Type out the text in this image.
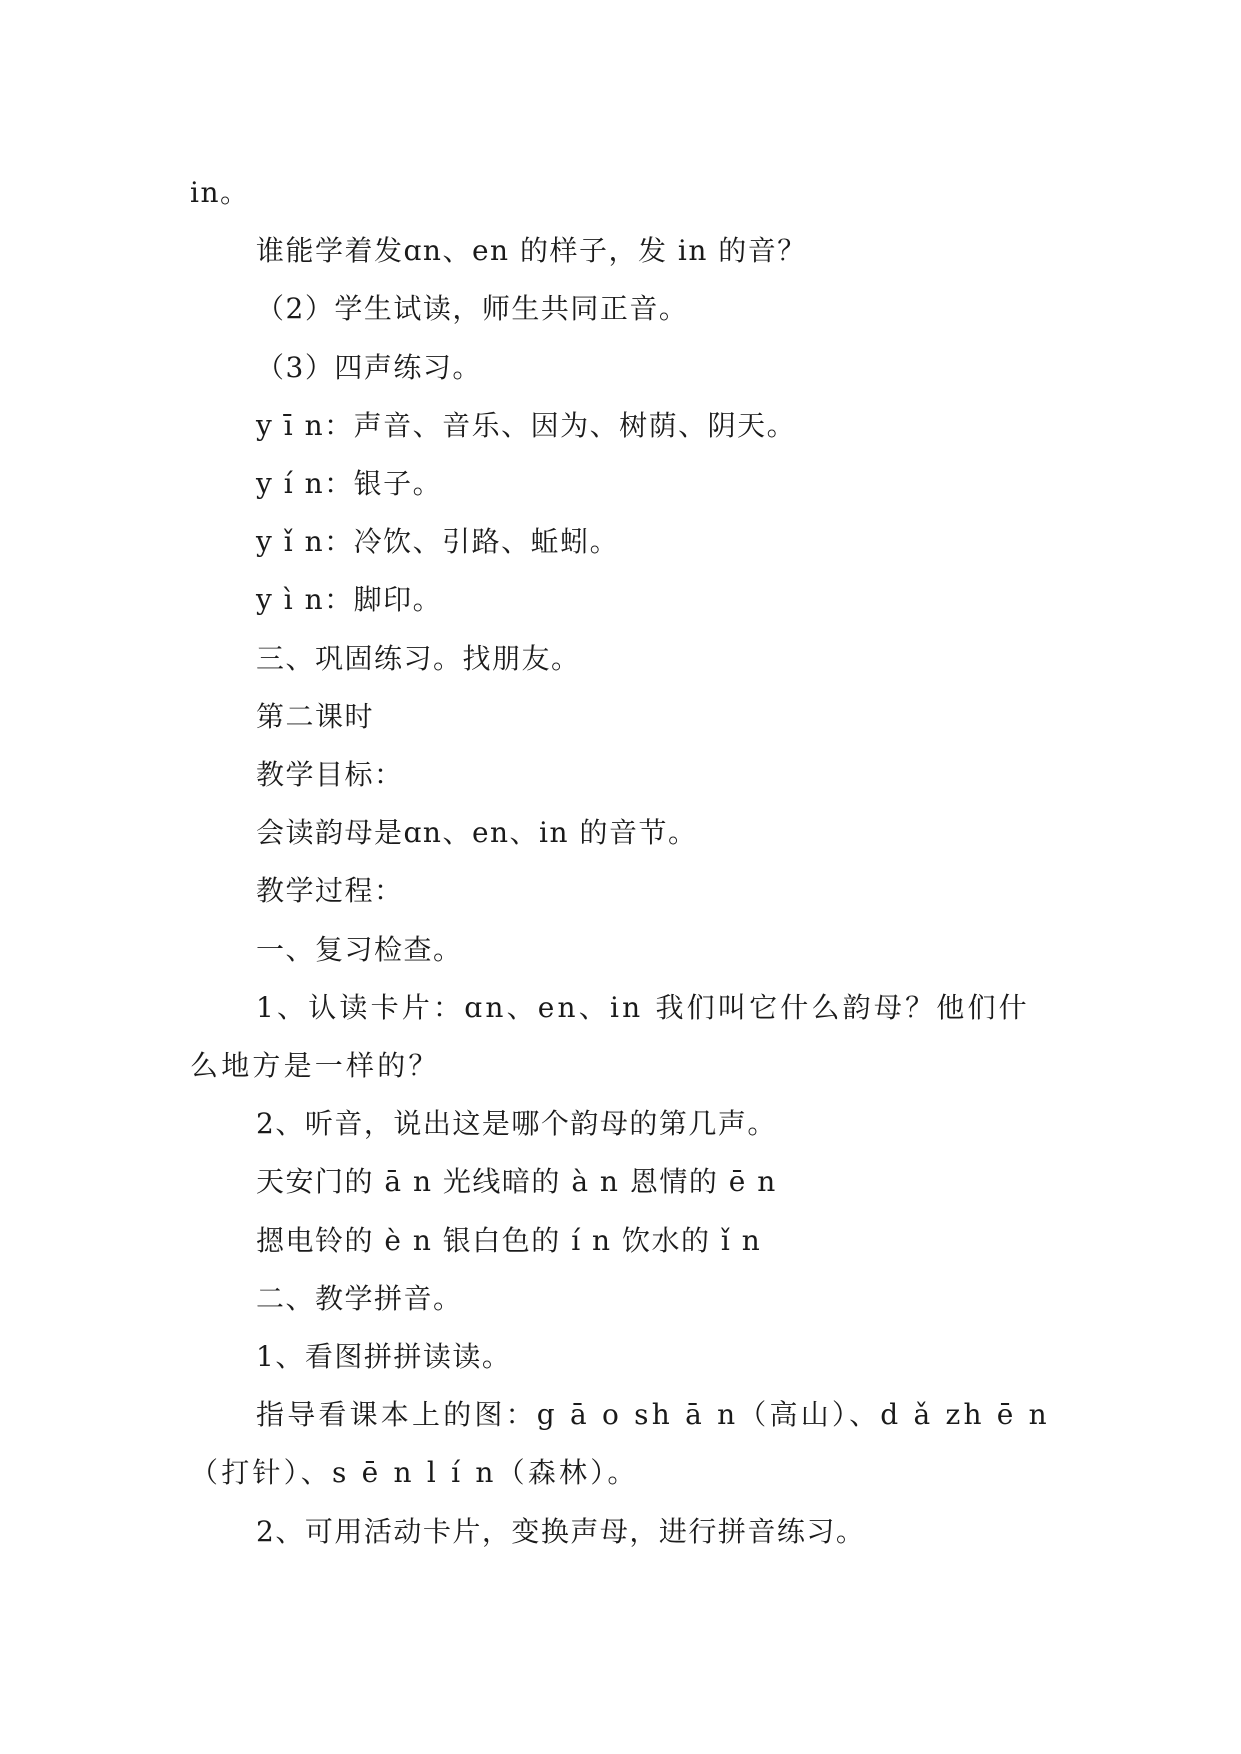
in。

谁能学着发ɑn、en 的样子，发 in 的音？

（2）学生试读，师生共同正音。

（3）四声练习。

y ī n：声音、音乐、因为、树荫、阴天。

y í n：银子。

y ǐ n：冷饮、引路、蚯蚓。

y ì n：脚印。

三、巩固练习。找朋友。

第二课时

教学目标：

会读韵母是ɑn、en、in 的音节。

教学过程：

一、复习检查。

1、认读卡片：ɑn、en、in 我们叫它什么韵母？他们什么地方是一样的？

2、听音，说出这是哪个韵母的第几声。

天安门的 ā n 光线暗的 à n 恩情的 ē n

摁电铃的 è n 银白色的 í n 饮水的 ǐ n

二、教学拼音。

1、看图拼拼读读。

指导看课本上的图：g ā o sh ā n（高山）、d ǎ zh ē n（打针）、s ē n l í n（森林）。

2、可用活动卡片，变换声母，进行拼音练习。
